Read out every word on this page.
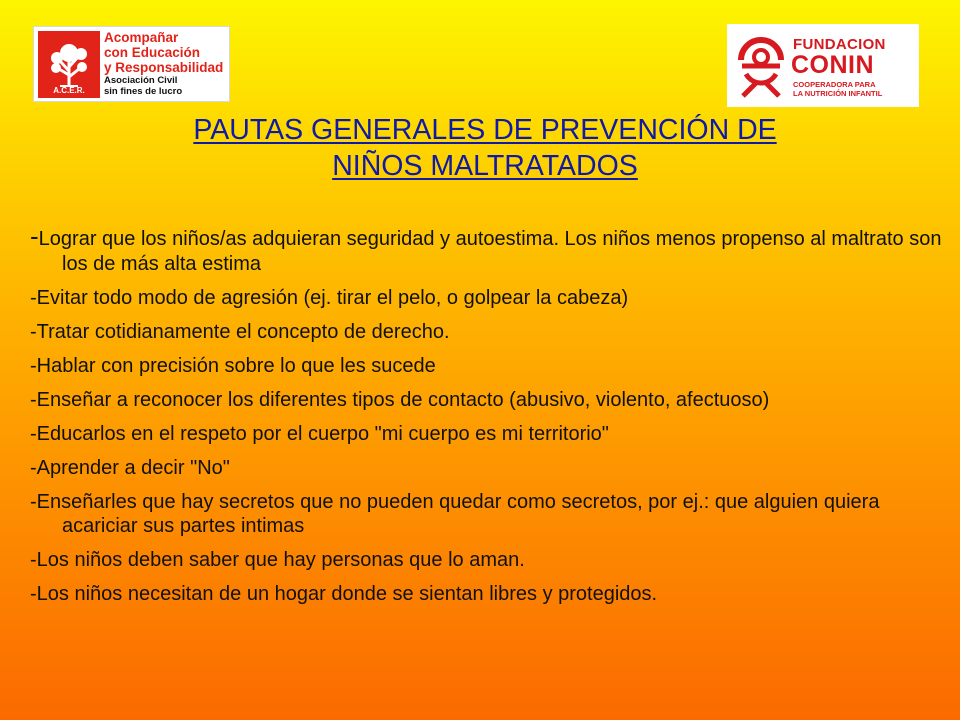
A.C.E.R.
Acompañar
con Educación
y Responsabilidad
Asociación Civil
sin fines de lucro
FUNDACION
CONIN
COOPERADORA PARA
LA NUTRICIÓN INFANTIL
PAUTAS GENERALES DE PREVENCIÓN DE
NIÑOS MALTRATADOS
-Lograr que los niños/as adquieran seguridad y autoestima. Los niños menos propenso al maltrato son los de más alta estima
-Evitar todo modo de agresión (ej. tirar el pelo, o golpear la cabeza)
-Tratar cotidianamente el concepto de derecho.
-Hablar con precisión sobre lo que les sucede
-Enseñar a reconocer los diferentes tipos de contacto (abusivo, violento, afectuoso)
-Educarlos en el respeto por el cuerpo "mi cuerpo es mi territorio"
-Aprender a decir "No"
-Enseñarles que hay secretos que no pueden quedar como secretos, por ej.: que alguien quiera acariciar sus partes intimas
-Los niños deben saber que hay personas que lo aman.
-Los niños necesitan de un hogar donde se sientan libres y protegidos.
